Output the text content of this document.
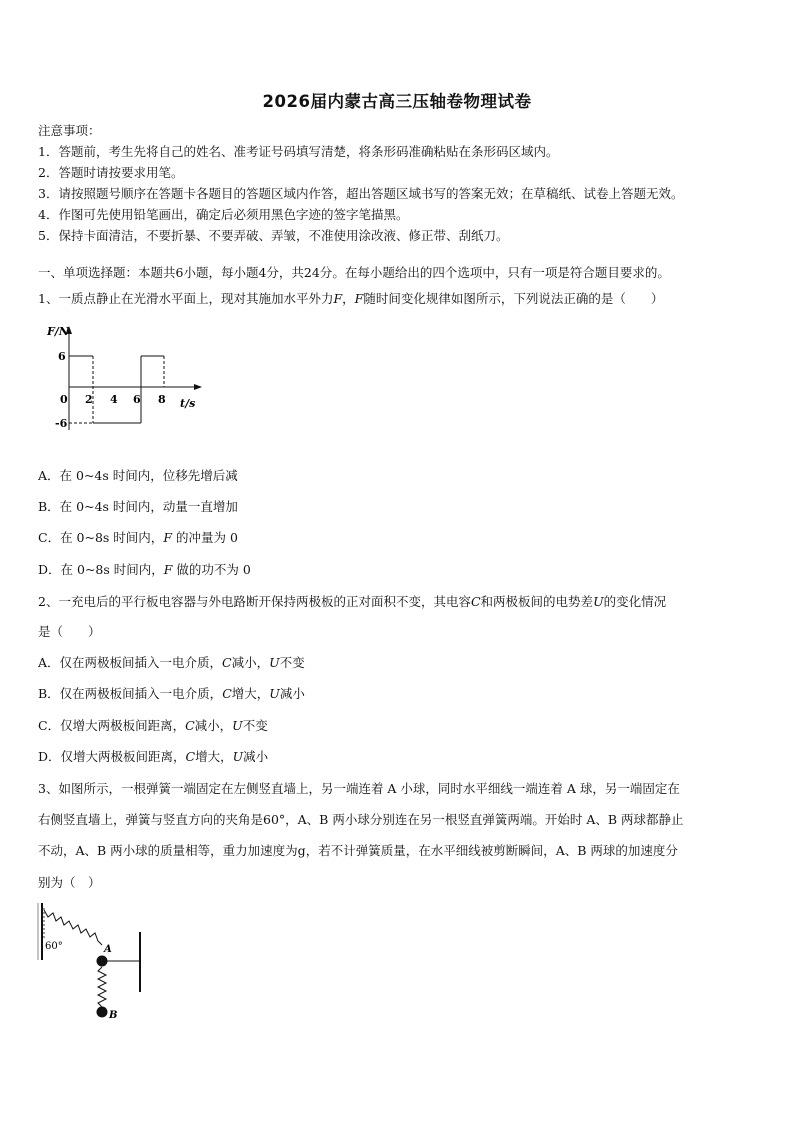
2026届内蒙古高三压轴卷物理试卷
注意事项：
1．答题前，考生先将自己的姓名、准考证号码填写清楚，将条形码准确粘贴在条形码区域内。
2．答题时请按要求用笔。
3．请按照题号顺序在答题卡各题目的答题区域内作答，超出答题区域书写的答案无效；在草稿纸、试卷上答题无效。
4．作图可先使用铅笔画出，确定后必须用黑色字迹的签字笔描黑。
5．保持卡面清洁，不要折暴、不要弄破、弄皱，不准使用涂改液、修正带、刮纸刀。
一、单项选择题：本题共6小题，每小题4分，共24分。在每小题给出的四个选项中，只有一项是符合题目要求的。
1、一质点静止在光滑水平面上，现对其施加水平外力F，F随时间变化规律如图所示，下列说法正确的是（　　）
F/N
6
0
-6
2 4 6 8 t/s
A．在 0~4s 时间内，位移先增后减
B．在 0~4s 时间内，动量一直增加
C．在 0~8s 时间内，F 的冲量为 0
D．在 0~8s 时间内，F 做的功不为 0
2、一充电后的平行板电容器与外电路断开保持两极板的正对面积不变，其电容C和两极板间的电势差U的变化情况
是（　　）
A．仅在两极板间插入一电介质，C减小，U不变
B．仅在两极板间插入一电介质，C增大，U减小
C．仅增大两极板间距离，C减小，U不变
D．仅增大两极板间距离，C增大，U减小
3、如图所示，一根弹簧一端固定在左侧竖直墙上，另一端连着 A 小球，同时水平细线一端连着 A 球，另一端固定在
右侧竖直墙上，弹簧与竖直方向的夹角是60°，A、B 两小球分别连在另一根竖直弹簧两端。开始时 A、B 两球都静止
不动，A、B 两小球的质量相等，重力加速度为g，若不计弹簧质量，在水平细线被剪断瞬间，A、B 两球的加速度分
别为（　）
60°	A
B
